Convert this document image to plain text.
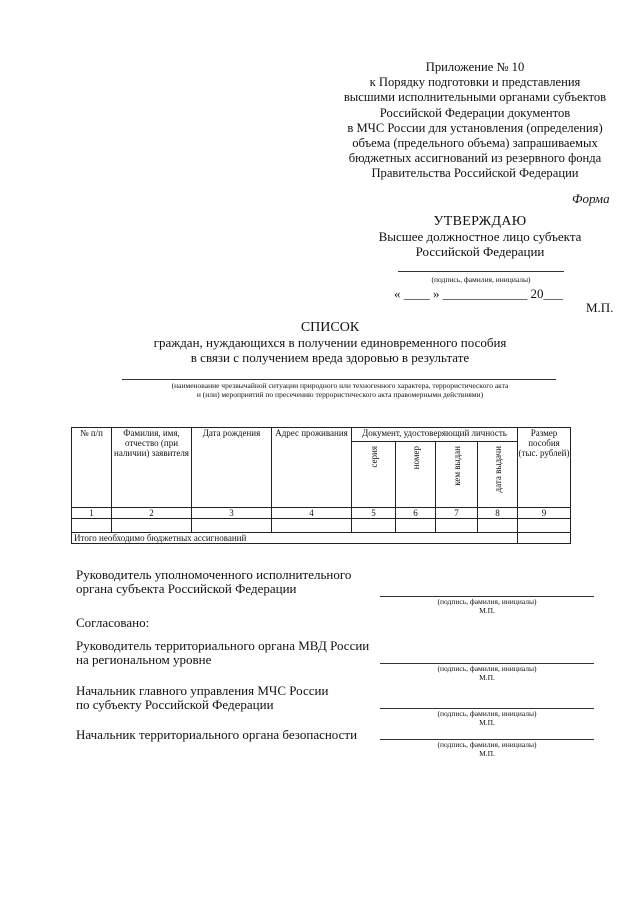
Приложение № 10
к Порядку подготовки и представления
высшими исполнительными органами субъектов
Российской Федерации документов
в МЧС России для установления (определения)
объема (предельного объема) запрашиваемых
бюджетных ассигнований из резервного фонда
Правительства Российской Федерации
Форма
УТВЕРЖДАЮ
Высшее должностное лицо субъекта
Российской Федерации
(подпись, фамилия, инициалы)
« ____ » _____________ 20___
М.П.
СПИСОК
граждан, нуждающихся в получении единовременного пособия
в связи с получением вреда здоровью в результате
(наименование чрезвычайной ситуации природного или техногенного характера, террористического акта
и (или) мероприятий по пресечению террористического акта правомерными действиями)
№ п/п	Фамилия, имя, отчество (при наличии) заявителя	Дата рождения	Адрес проживания	Документ, удостоверяющий личность				Размер пособия (тыс. рублей)
				серия	номер	кем выдан	дата выдачи	
1	2	3	4	5	6	7	8	9

Итого необходимо бюджетных ассигнований								
Руководитель уполномоченного исполнительного
органа субъекта Российской Федерации
(подпись, фамилия, инициалы)
М.П.
Согласовано:
Руководитель территориального органа МВД России
на региональном уровне
(подпись, фамилия, инициалы)
М.П.
Начальник главного управления МЧС России
по субъекту Российской Федерации
(подпись, фамилия, инициалы)
М.П.
Начальник территориального органа безопасности
(подпись, фамилия, инициалы)
М.П.
